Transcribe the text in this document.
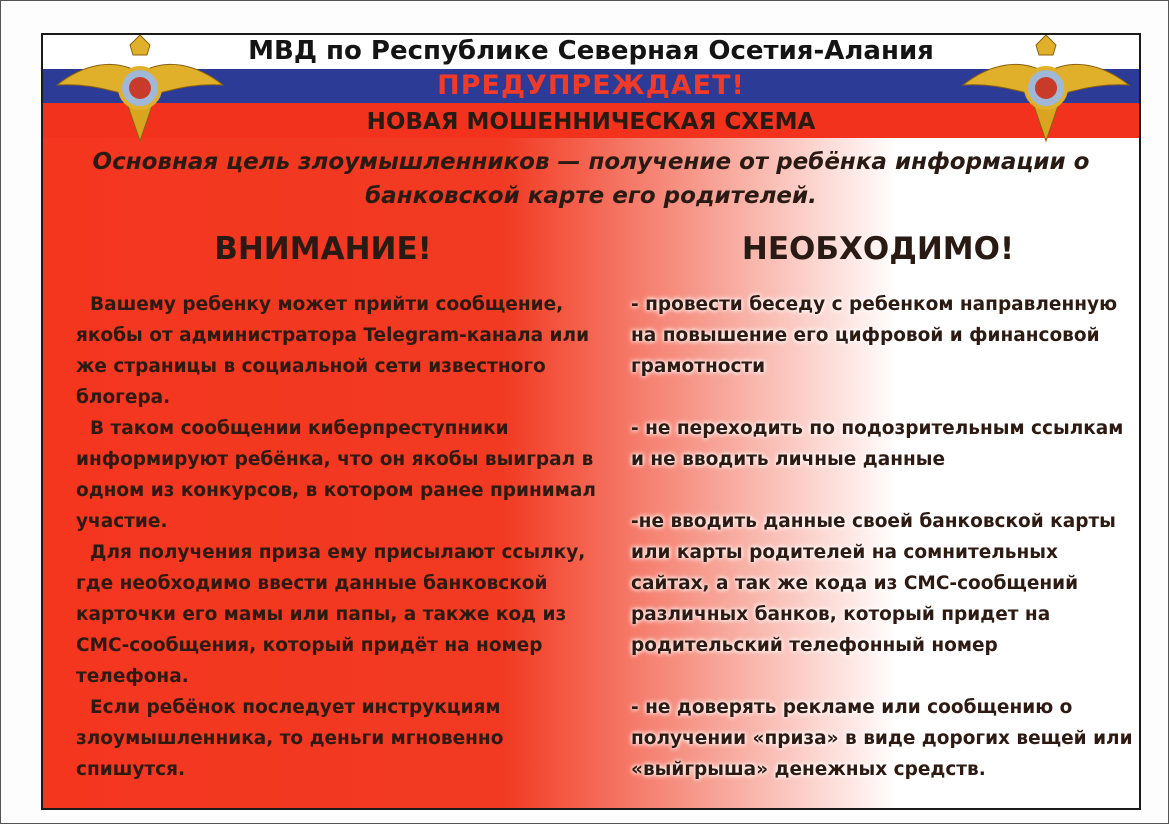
МВД по Республике Северная Осетия-Алания
ПРЕДУПРЕЖДАЕТ!
НОВАЯ МОШЕННИЧЕСКАЯ СХЕМА
Основная цель злоумышленников — получение от ребёнка информации о
банковской карте его родителей.
ВНИМАНИЕ!	НЕОБХОДИМО!

Вашему ребенку может прийти сообщение, якобы от администратора Telegram-канала или же страницы в социальной сети известного блогера.

В таком сообщении киберпреступники информируют ребёнка, что он якобы выиграл в одном из конкурсов, в котором ранее принимал участие.

Для получения приза ему присылают ссылку, где необходимо ввести данные банковской карточки его мамы или папы, а также код из СМС-сообщения, который придёт на номер телефона.

Если ребёнок последует инструкциям злоумышленника, то деньги мгновенно спишутся.

- провести беседу с ребенком направленную на повышение его цифровой и финансовой грамотности

- не переходить по подозрительным ссылкам и не вводить личные данные

-не вводить данные своей банковской карты или карты родителей на сомнительных сайтах, а так же кода из СМС-сообщений различных банков, который придет на родительский телефонный номер

- не доверять рекламе или сообщению о получении «приза» в виде дорогих вещей или «выйгрыша» денежных средств.
